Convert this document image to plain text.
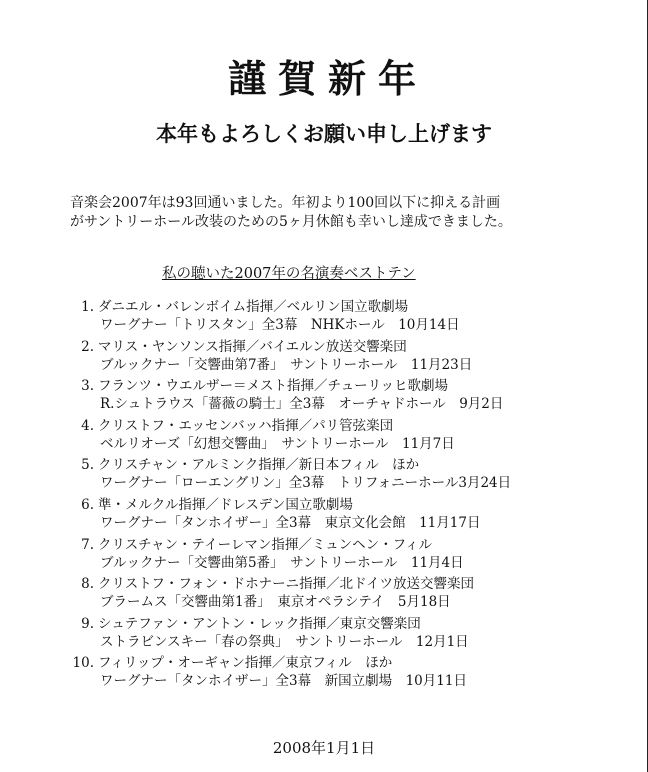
謹賀新年
本年もよろしくお願い申し上げます
音楽会2007年は93回通いました。年初より100回以下に抑える計画
がサントリーホール改装のための5ヶ月休館も幸いし達成できました。
私の聴いた2007年の名演奏ベストテン
1. ダニエル・バレンボイム指揮／ベルリン国立歌劇場
ワーグナー「トリスタン」全3幕　NHKホール　10月14日
2. マリス・ヤンソンス指揮／バイエルン放送交響楽団
ブルックナー「交響曲第7番」　サントリーホール　11月23日
3. フランツ・ウエルザー＝メスト指揮／チューリッヒ歌劇場
R.シュトラウス「薔薇の騎士」全3幕　オーチャドホール　9月2日
4. クリストフ・エッセンバッハ指揮／パリ管弦楽団
ベルリオーズ「幻想交響曲」　サントリーホール　11月7日
5. クリスチャン・アルミンク指揮／新日本フィル　ほか
ワーグナー「ローエングリン」全3幕　トリフォニーホール3月24日
6. 準・メルクル指揮／ドレスデン国立歌劇場
ワーグナー「タンホイザー」全3幕　東京文化会館　11月17日
7. クリスチャン・テイーレマン指揮／ミュンヘン・フィル
ブルックナー「交響曲第5番」　サントリーホール　11月4日
8. クリストフ・フォン・ドホナーニ指揮／北ドイツ放送交響楽団
ブラームス「交響曲第1番」　東京オペラシテイ　5月18日
9. シュテファン・アントン・レック指揮／東京交響楽団
ストラビンスキー「春の祭典」　サントリーホール　12月1日
10. フィリップ・オーギャン指揮／東京フィル　ほか
ワーグナー「タンホイザー」全3幕　新国立劇場　10月11日
2008年1月1日
